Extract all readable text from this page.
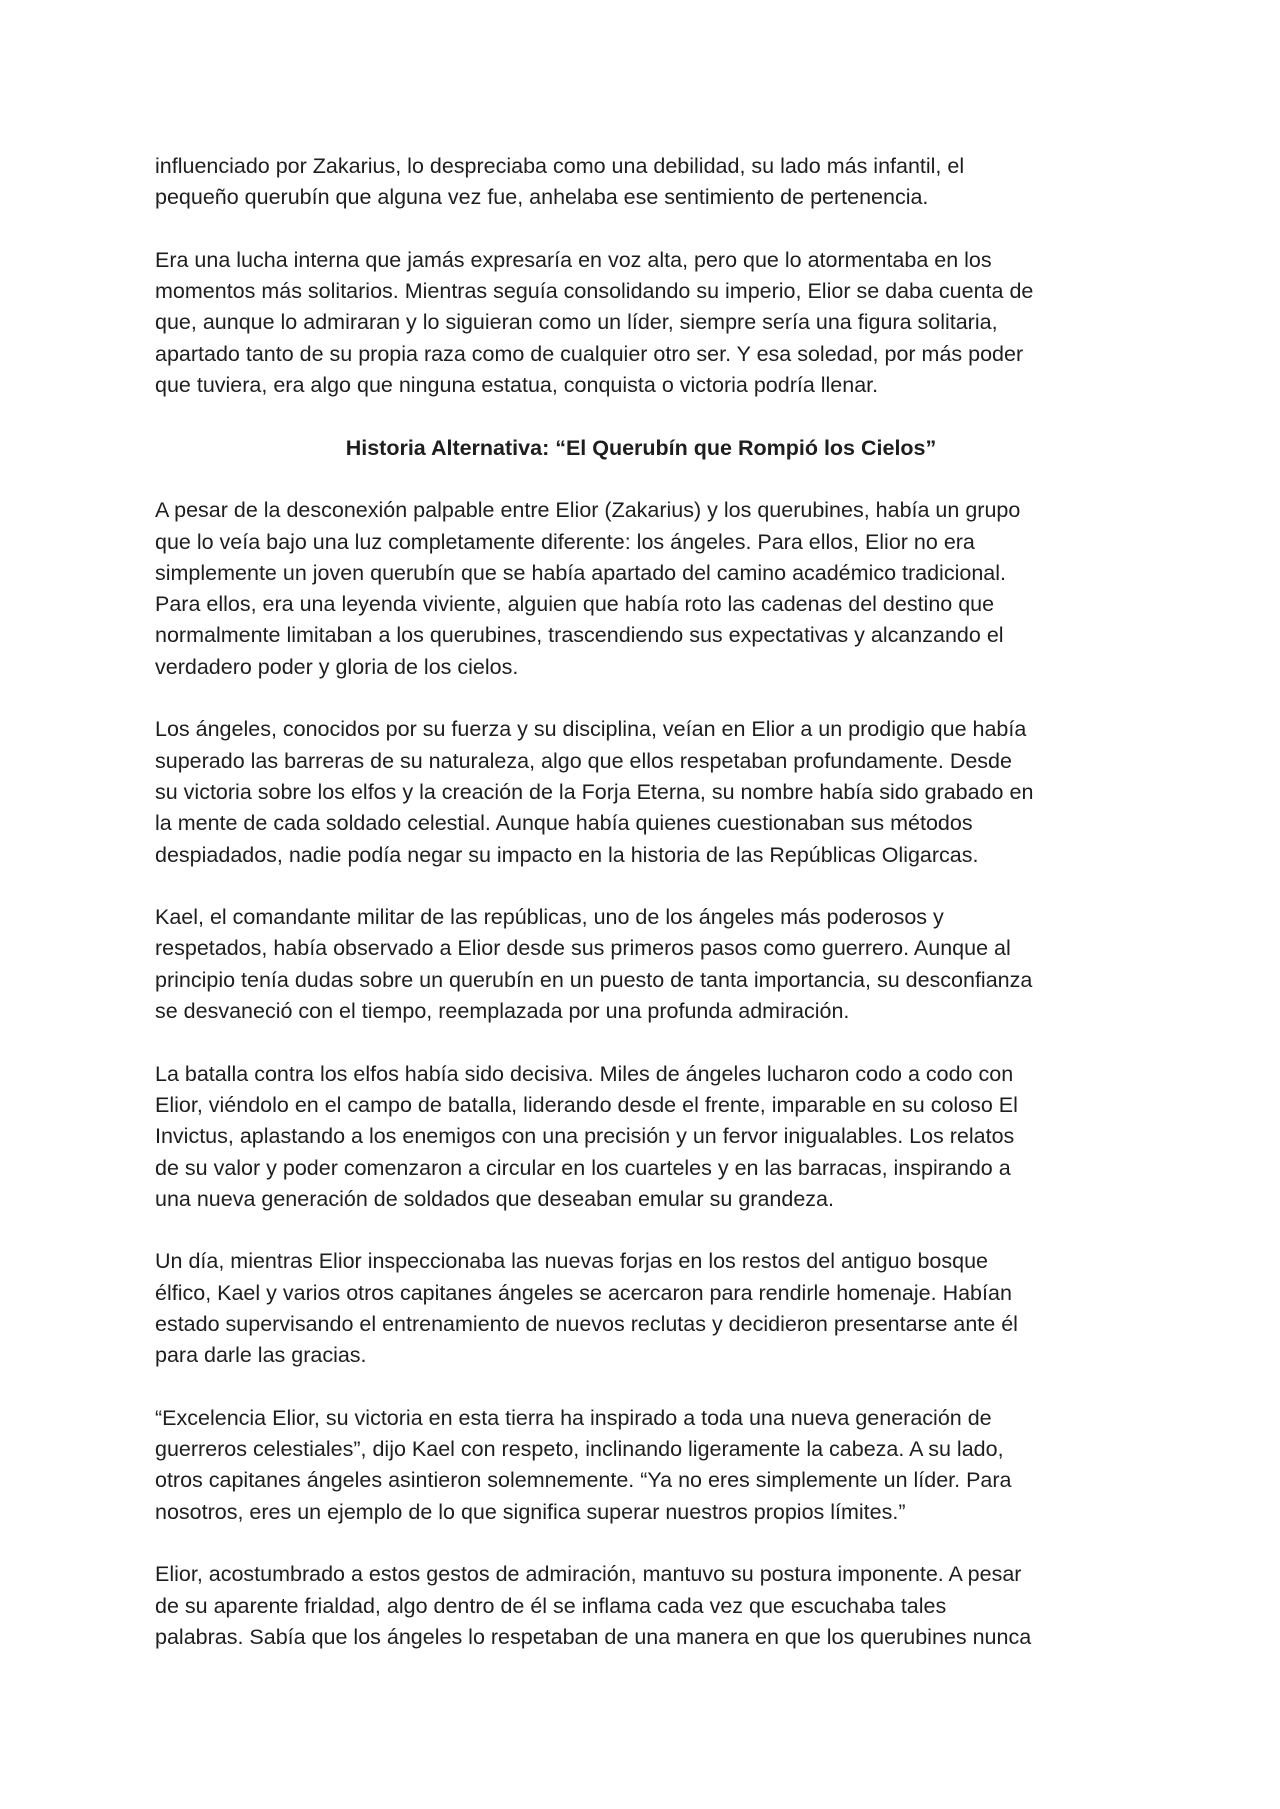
influenciado por Zakarius, lo despreciaba como una debilidad, su lado más infantil, el
pequeño querubín que alguna vez fue, anhelaba ese sentimiento de pertenencia.

Era una lucha interna que jamás expresaría en voz alta, pero que lo atormentaba en los
momentos más solitarios. Mientras seguía consolidando su imperio, Elior se daba cuenta de
que, aunque lo admiraran y lo siguieran como un líder, siempre sería una figura solitaria,
apartado tanto de su propia raza como de cualquier otro ser. Y esa soledad, por más poder
que tuviera, era algo que ninguna estatua, conquista o victoria podría llenar.

Historia Alternativa: “El Querubín que Rompió los Cielos”

A pesar de la desconexión palpable entre Elior (Zakarius) y los querubines, había un grupo
que lo veía bajo una luz completamente diferente: los ángeles. Para ellos, Elior no era
simplemente un joven querubín que se había apartado del camino académico tradicional.
Para ellos, era una leyenda viviente, alguien que había roto las cadenas del destino que
normalmente limitaban a los querubines, trascendiendo sus expectativas y alcanzando el
verdadero poder y gloria de los cielos.

Los ángeles, conocidos por su fuerza y su disciplina, veían en Elior a un prodigio que había
superado las barreras de su naturaleza, algo que ellos respetaban profundamente. Desde
su victoria sobre los elfos y la creación de la Forja Eterna, su nombre había sido grabado en
la mente de cada soldado celestial. Aunque había quienes cuestionaban sus métodos
despiadados, nadie podía negar su impacto en la historia de las Repúblicas Oligarcas.

Kael, el comandante militar de las repúblicas, uno de los ángeles más poderosos y
respetados, había observado a Elior desde sus primeros pasos como guerrero. Aunque al
principio tenía dudas sobre un querubín en un puesto de tanta importancia, su desconfianza
se desvaneció con el tiempo, reemplazada por una profunda admiración.

La batalla contra los elfos había sido decisiva. Miles de ángeles lucharon codo a codo con
Elior, viéndolo en el campo de batalla, liderando desde el frente, imparable en su coloso El
Invictus, aplastando a los enemigos con una precisión y un fervor inigualables. Los relatos
de su valor y poder comenzaron a circular en los cuarteles y en las barracas, inspirando a
una nueva generación de soldados que deseaban emular su grandeza.

Un día, mientras Elior inspeccionaba las nuevas forjas en los restos del antiguo bosque
élfico, Kael y varios otros capitanes ángeles se acercaron para rendirle homenaje. Habían
estado supervisando el entrenamiento de nuevos reclutas y decidieron presentarse ante él
para darle las gracias.

“Excelencia Elior, su victoria en esta tierra ha inspirado a toda una nueva generación de
guerreros celestiales”, dijo Kael con respeto, inclinando ligeramente la cabeza. A su lado,
otros capitanes ángeles asintieron solemnemente. “Ya no eres simplemente un líder. Para
nosotros, eres un ejemplo de lo que significa superar nuestros propios límites.”

Elior, acostumbrado a estos gestos de admiración, mantuvo su postura imponente. A pesar
de su aparente frialdad, algo dentro de él se inflama cada vez que escuchaba tales
palabras. Sabía que los ángeles lo respetaban de una manera en que los querubines nunca
